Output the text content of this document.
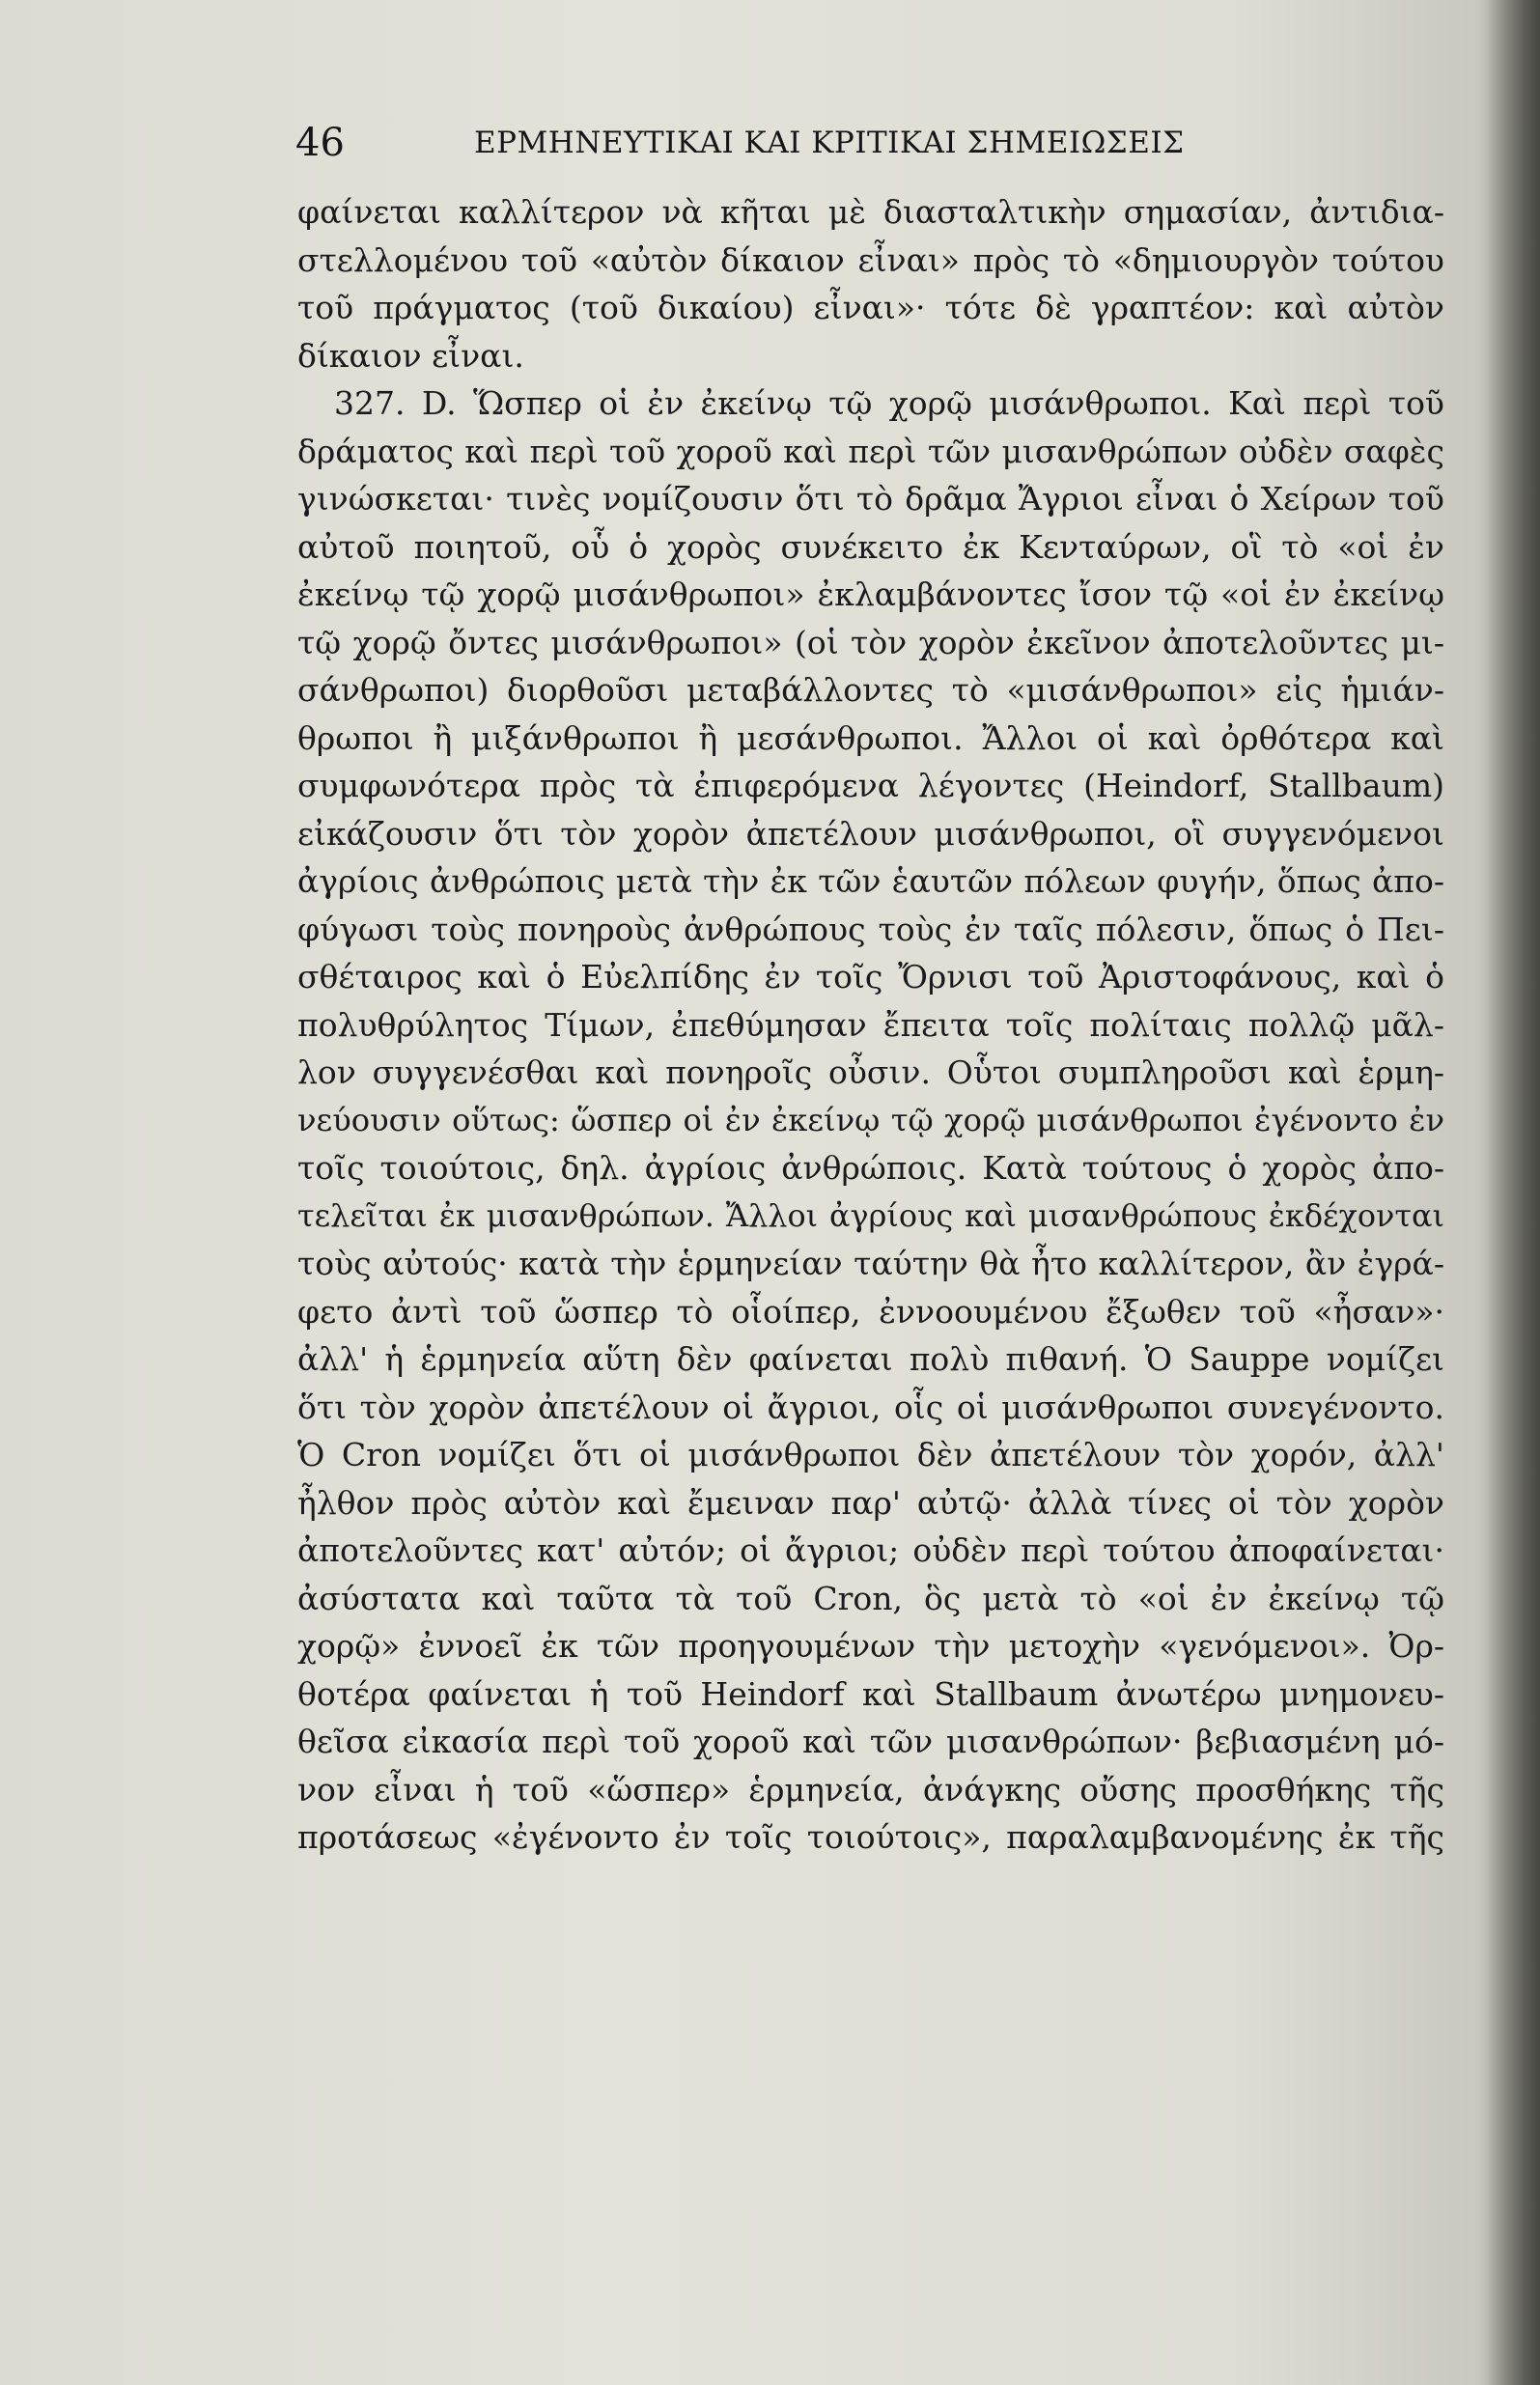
46	ΕΡΜΗΝΕΥΤΙΚΑΙ ΚΑΙ ΚΡΙΤΙΚΑΙ ΣΗΜΕΙΩΣΕΙΣ
φαίνεται καλλίτερον νὰ κῆται μὲ διασταλτικὴν σημασίαν, ἀντιδια-
στελλομένου τοῦ «αὐτὸν δίκαιον εἶναι» πρὸς τὸ «δημιουργὸν τούτου
τοῦ πράγματος (τοῦ δικαίου) εἶναι»· τότε δὲ γραπτέον: καὶ αὐτὸν
δίκαιον εἶναι.
327. D. Ὥσπερ οἱ ἐν ἐκείνῳ τῷ χορῷ μισάνθρωποι. Καὶ περὶ τοῦ
δράματος καὶ περὶ τοῦ χοροῦ καὶ περὶ τῶν μισανθρώπων οὐδὲν σαφὲς
γινώσκεται· τινὲς νομίζουσιν ὅτι τὸ δρᾶμα Ἄγριοι εἶναι ὁ Χείρων τοῦ
αὐτοῦ ποιητοῦ, οὗ ὁ χορὸς συνέκειτο ἐκ Κενταύρων, οἳ τὸ «οἱ ἐν
ἐκείνῳ τῷ χορῷ μισάνθρωποι» ἐκλαμβάνοντες ἴσον τῷ «οἱ ἐν ἐκείνῳ
τῷ χορῷ ὄντες μισάνθρωποι» (οἱ τὸν χορὸν ἐκεῖνον ἀποτελοῦντες μι-
σάνθρωποι) διορθοῦσι μεταβάλλοντες τὸ «μισάνθρωποι» εἰς ἡμιάν-
θρωποι ἢ μιξάνθρωποι ἢ μεσάνθρωποι. Ἄλλοι οἱ καὶ ὀρθότερα καὶ
συμφωνότερα πρὸς τὰ ἐπιφερόμενα λέγοντες (Heindorf, Stallbaum)
εἰκάζουσιν ὅτι τὸν χορὸν ἀπετέλουν μισάνθρωποι, οἳ συγγενόμενοι
ἀγρίοις ἀνθρώποις μετὰ τὴν ἐκ τῶν ἑαυτῶν πόλεων φυγήν, ὅπως ἀπο-
φύγωσι τοὺς πονηροὺς ἀνθρώπους τοὺς ἐν ταῖς πόλεσιν, ὅπως ὁ Πει-
σθέταιρος καὶ ὁ Εὐελπίδης ἐν τοῖς Ὄρνισι τοῦ Ἀριστοφάνους, καὶ ὁ
πολυθρύλητος Τίμων, ἐπεθύμησαν ἔπειτα τοῖς πολίταις πολλῷ μᾶλ-
λον συγγενέσθαι καὶ πονηροῖς οὖσιν. Οὗτοι συμπληροῦσι καὶ ἑρμη-
νεύουσιν οὕτως: ὥσπερ οἱ ἐν ἐκείνῳ τῷ χορῷ μισάνθρωποι ἐγένοντο ἐν
τοῖς τοιούτοις, δηλ. ἀγρίοις ἀνθρώποις. Κατὰ τούτους ὁ χορὸς ἀπο-
τελεῖται ἐκ μισανθρώπων. Ἄλλοι ἀγρίους καὶ μισανθρώπους ἐκδέχονται
τοὺς αὐτούς· κατὰ τὴν ἑρμηνείαν ταύτην θὰ ἦτο καλλίτερον, ἂν ἐγρά-
φετο ἀντὶ τοῦ ὥσπερ τὸ οἷοίπερ, ἐννοουμένου ἔξωθεν τοῦ «ἦσαν»·
ἀλλ' ἡ ἑρμηνεία αὕτη δὲν φαίνεται πολὺ πιθανή. Ὁ Sauppe νομίζει
ὅτι τὸν χορὸν ἀπετέλουν οἱ ἄγριοι, οἷς οἱ μισάνθρωποι συνεγένοντο.
Ὁ Cron νομίζει ὅτι οἱ μισάνθρωποι δὲν ἀπετέλουν τὸν χορόν, ἀλλ'
ἦλθον πρὸς αὐτὸν καὶ ἔμειναν παρ' αὐτῷ· ἀλλὰ τίνες οἱ τὸν χορὸν
ἀποτελοῦντες κατ' αὐτόν; οἱ ἄγριοι; οὐδὲν περὶ τούτου ἀποφαίνεται·
ἀσύστατα καὶ ταῦτα τὰ τοῦ Cron, ὃς μετὰ τὸ «οἱ ἐν ἐκείνῳ τῷ
χορῷ» ἐννοεῖ ἐκ τῶν προηγουμένων τὴν μετοχὴν «γενόμενοι». Ὀρ-
θοτέρα φαίνεται ἡ τοῦ Heindorf καὶ Stallbaum ἀνωτέρω μνημονευ-
θεῖσα εἰκασία περὶ τοῦ χοροῦ καὶ τῶν μισανθρώπων· βεβιασμένη μό-
νον εἶναι ἡ τοῦ «ὥσπερ» ἑρμηνεία, ἀνάγκης οὔσης προσθήκης τῆς
προτάσεως «ἐγένοντο ἐν τοῖς τοιούτοις», παραλαμβανομένης ἐκ τῆς
